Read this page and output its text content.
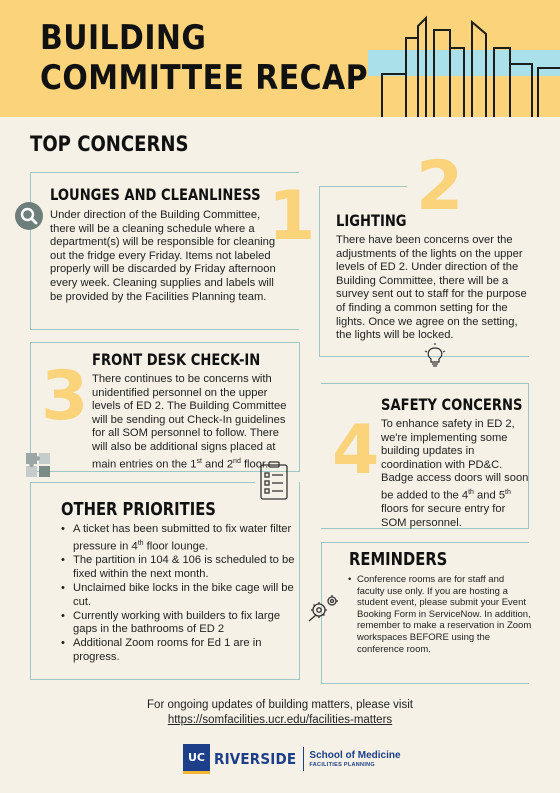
BUILDING
COMMITTEE RECAP
TOP CONCERNS
1
LOUNGES AND CLEANLINESS
Under direction of the Building Committee, there will be a cleaning schedule where a department(s) will be responsible for cleaning out the fridge every Friday. Items not labeled properly will be discarded by Friday afternoon every week. Cleaning supplies and labels will be provided by the Facilities Planning team.
2
LIGHTING
There have been concerns over the adjustments of the lights on the upper levels of ED 2. Under direction of the Building Committee, there will be a survey sent out to staff for the purpose of finding a common setting for the lights. Once we agree on the setting, the lights will be locked.
3 FRONT DESK CHECK-IN
There continues to be concerns with unidentified personnel on the upper levels of ED 2. The Building Committee will be sending out Check-In guidelines for all SOM personnel to follow. There will also be additional signs placed at main entries on the 1st and 2nd floor. 4
SAFETY CONCERNS
To enhance safety in ED 2, we're implementing some building updates in coordination with PD&C. Badge access doors will soon be added to the 4th and 5th floors for secure entry for SOM personnel.
OTHER PRIORITIES
• A ticket has been submitted to fix water filter pressure in 4th floor lounge.
• The partition in 104 & 106 is scheduled to be fixed within the next month.
• Unclaimed bike locks in the bike cage will be cut.
• Currently working with builders to fix large gaps in the bathrooms of ED 2
• Additional Zoom rooms for Ed 1 are in progress.
REMINDERS
• Conference rooms are for staff and faculty use only. If you are hosting a student event, please submit your Event Booking Form in ServiceNow. In addition, remember to make a reservation in Zoom workspaces BEFORE using the conference room.
For ongoing updates of building matters, please visit
https://somfacilities.ucr.edu/facilities-matters
UC RIVERSIDE School of Medicine
FACILITIES PLANNING
